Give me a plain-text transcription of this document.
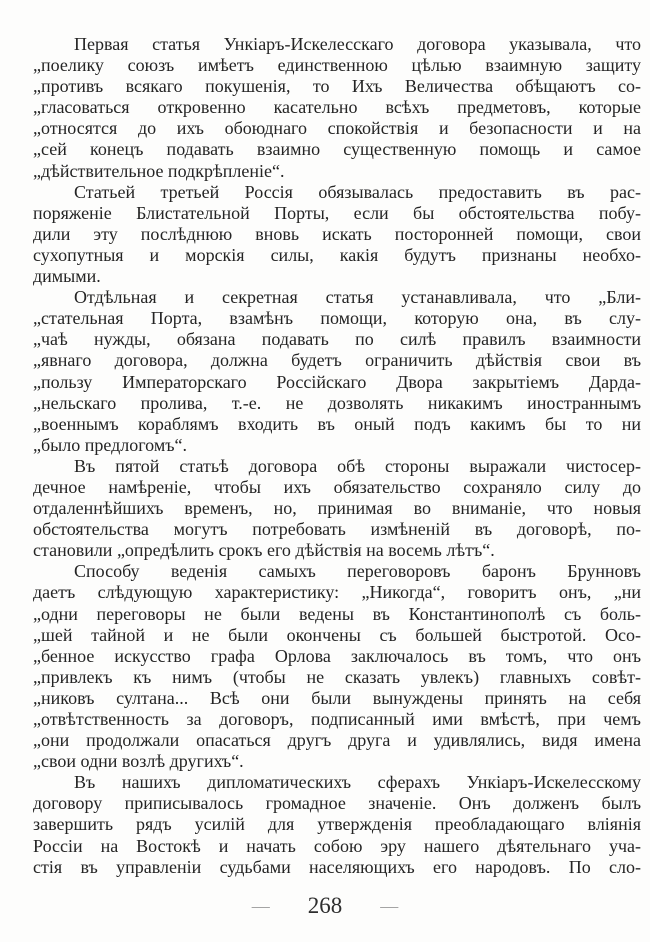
Первая статья Ункіаръ-Искелесскаго договора указывала, что
„поелику союзъ имѣетъ единственною цѣлью взаимную защиту
„противъ всякаго покушенія, то Ихъ Величества обѣщаютъ со-
„гласоваться откровенно касательно всѣхъ предметовъ, которые
„относятся до ихъ обоюднаго спокойствія и безопасности и на
„сей конецъ подавать взаимно существенную помощь и самое
„дѣйствительное подкрѣпленіе“.
Статьей третьей Россія обязывалась предоставить въ рас-
поряженіе Блистательной Порты, если бы обстоятельства побу-
дили эту послѣднюю вновь искать посторонней помощи, свои
сухопутныя и морскія силы, какія будутъ признаны необхо-
димыми.
Отдѣльная и секретная статья устанавливала, что „Бли-
„стательная Порта, взамѣнъ помощи, которую она, въ слу-
„чаѣ нужды, обязана подавать по силѣ правилъ взаимности
„явнаго договора, должна будетъ ограничить дѣйствія свои въ
„пользу Императорскаго Россійскаго Двора закрытіемъ Дарда-
„нельскаго пролива, т.-е. не дозволять никакимъ иностраннымъ
„военнымъ кораблямъ входить въ оный подъ какимъ бы то ни
„было предлогомъ“.
Въ пятой статьѣ договора обѣ стороны выражали чистосер-
дечное намѣреніе, чтобы ихъ обязательство сохраняло силу до
отдаленнѣйшихъ временъ, но, принимая во вниманіе, что новыя
обстоятельства могутъ потребовать измѣненій въ договорѣ, по-
становили „опредѣлить срокъ его дѣйствія на восемь лѣтъ“.
Способу веденія самыхъ переговоровъ баронъ Брунновъ
даетъ слѣдующую характеристику: „Никогда“, говоритъ онъ, „ни
„одни переговоры не были ведены въ Константинополѣ съ боль-
„шей тайной и не были окончены съ большей быстротой. Осо-
„бенное искусство графа Орлова заключалось въ томъ, что онъ
„привлекъ къ нимъ (чтобы не сказать увлекъ) главныхъ совѣт-
„никовъ султана... Всѣ они были вынуждены принять на себя
„отвѣтственность за договоръ, подписанный ими вмѣстѣ, при чемъ
„они продолжали опасаться другъ друга и удивлялись, видя имена
„свои одни возлѣ другихъ“.
Въ нашихъ дипломатическихъ сферахъ Ункіаръ-Искелесскому
договору приписывалось громадное значеніе. Онъ долженъ былъ
завершить рядъ усилій для утвержденія преобладающаго вліянія
Россіи на Востокѣ и начать собою эру нашего дѣятельнаго уча-
стія въ управленіи судьбами населяющихъ его народовъ. По сло-
— 268 —
